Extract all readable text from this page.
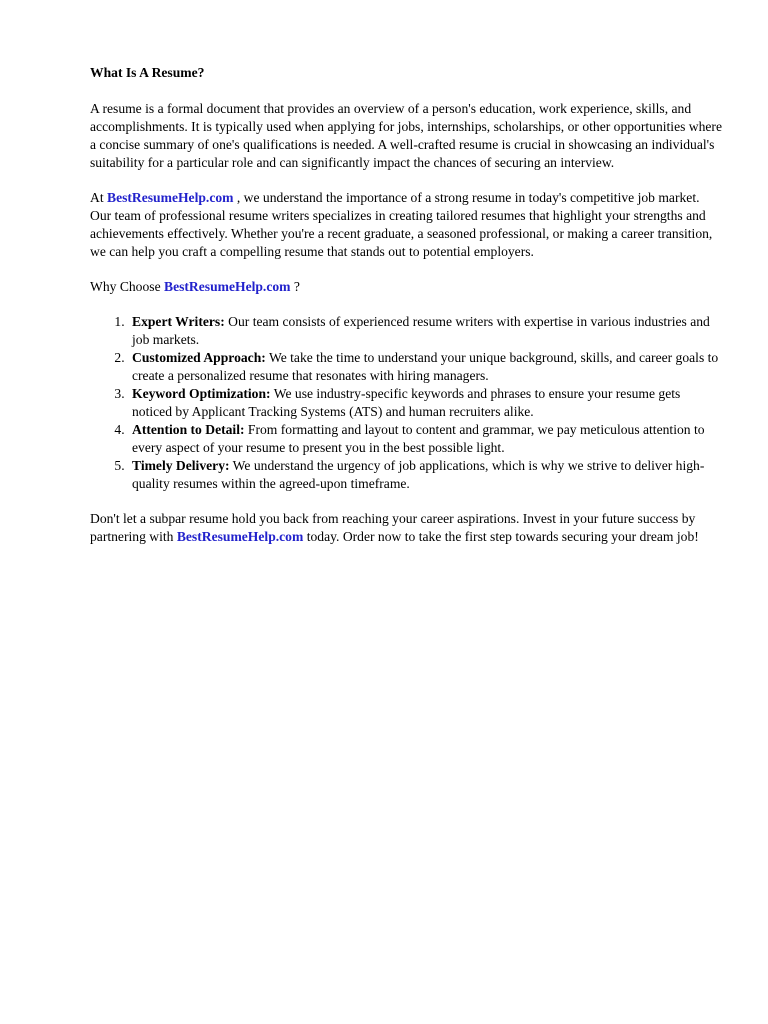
What Is A Resume?

A resume is a formal document that provides an overview of a person's education, work experience, skills, and accomplishments. It is typically used when applying for jobs, internships, scholarships, or other opportunities where a concise summary of one's qualifications is needed. A well-crafted resume is crucial in showcasing an individual's suitability for a particular role and can significantly impact the chances of securing an interview.

At BestResumeHelp.com , we understand the importance of a strong resume in today's competitive job market. Our team of professional resume writers specializes in creating tailored resumes that highlight your strengths and achievements effectively. Whether you're a recent graduate, a seasoned professional, or making a career transition, we can help you craft a compelling resume that stands out to potential employers.

Why Choose BestResumeHelp.com ?

1. Expert Writers: Our team consists of experienced resume writers with expertise in various industries and job markets.
2. Customized Approach: We take the time to understand your unique background, skills, and career goals to create a personalized resume that resonates with hiring managers.
3. Keyword Optimization: We use industry-specific keywords and phrases to ensure your resume gets noticed by Applicant Tracking Systems (ATS) and human recruiters alike.
4. Attention to Detail: From formatting and layout to content and grammar, we pay meticulous attention to every aspect of your resume to present you in the best possible light.
5. Timely Delivery: We understand the urgency of job applications, which is why we strive to deliver high-quality resumes within the agreed-upon timeframe.

Don't let a subpar resume hold you back from reaching your career aspirations. Invest in your future success by partnering with BestResumeHelp.com today. Order now to take the first step towards securing your dream job!
